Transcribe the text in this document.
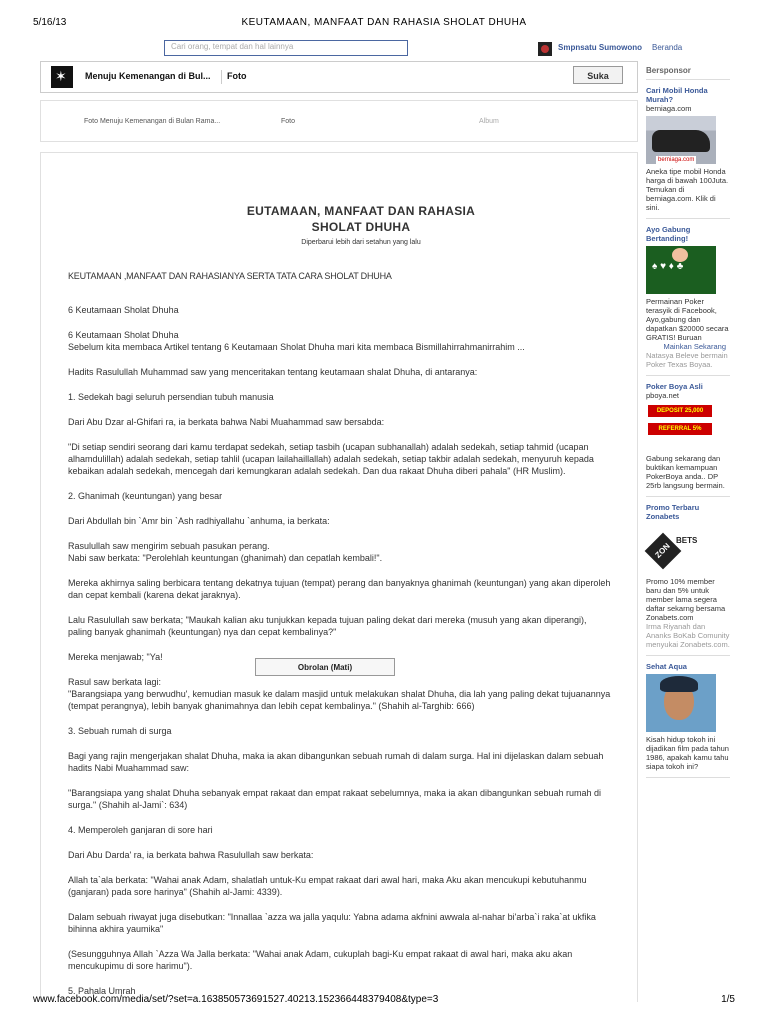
5/16/13	KEUTAMAAN, MANFAAT DAN RAHASIA SHOLAT DHUHA
Cari orang, tempat dan hal lainnya	Smpnsatu Sumowono Beranda
✶
Menuju Kemenangan di Bul... Foto	Suka
Foto Menuju Kemenangan di Bulan Rama...	Foto	Album
EUTAMAAN, MANFAAT DAN RAHASIA
SHOLAT DHUHA
Diperbarui lebih dari setahun yang lalu

KEUTAMAAN ,MANFAAT DAN RAHASIANYA SERTA TATA CARA SHOLAT DHUHA

6 Keutamaan Sholat Dhuha

6 Keutamaan Sholat Dhuha
Sebelum kita membaca Artikel tentang 6 Keutamaan Sholat Dhuha mari kita membaca Bismillahirrahmanirrahim ...

Hadits Rasulullah Muhammad saw yang menceritakan tentang keutamaan shalat Dhuha, di antaranya:

1. Sedekah bagi seluruh persendian tubuh manusia

Dari Abu Dzar al-Ghifari ra, ia berkata bahwa Nabi Muahammad saw bersabda:

"Di setiap sendiri seorang dari kamu terdapat sedekah, setiap tasbih (ucapan subhanallah) adalah sedekah, setiap tahmid (ucapan alhamdulillah) adalah sedekah, setiap tahlil (ucapan lailahaillallah) adalah sedekah, setiap takbir adalah sedekah, menyuruh kepada kebaikan adalah sedekah, mencegah dari kemungkaran adalah sedekah. Dan dua rakaat Dhuha diberi pahala" (HR Muslim).

2. Ghanimah (keuntungan) yang besar

Dari Abdullah bin `Amr bin `Ash radhiyallahu `anhuma, ia berkata:

Rasulullah saw mengirim sebuah pasukan perang.
Nabi saw berkata: "Perolehlah keuntungan (ghanimah) dan cepatlah kembali!".

Mereka akhirnya saling berbicara tentang dekatnya tujuan (tempat) perang dan banyaknya ghanimah (keuntungan) yang akan diperoleh dan cepat kembali (karena dekat jaraknya).

Lalu Rasulullah saw berkata; "Maukah kalian aku tunjukkan kepada tujuan paling dekat dari mereka (musuh yang akan diperangi), paling banyak ghanimah (keuntungan) nya dan cepat kembalinya?"

Mereka menjawab; "Ya!

Rasul saw berkata lagi:
"Barangsiapa yang berwudhu', kemudian masuk ke dalam masjid untuk melakukan shalat Dhuha, dia lah yang paling dekat tujuanannya (tempat perangnya), lebih banyak ghanimahnya dan lebih cepat kembalinya." (Shahih al-Targhib: 666)

3. Sebuah rumah di surga

Bagi yang rajin mengerjakan shalat Dhuha, maka ia akan dibangunkan sebuah rumah di dalam surga. Hal ini dijelaskan dalam sebuah hadits Nabi Muahammad saw:

"Barangsiapa yang shalat Dhuha sebanyak empat rakaat dan empat rakaat sebelumnya, maka ia akan dibangunkan sebuah rumah di surga." (Shahih al-Jami`: 634)

4. Memperoleh ganjaran di sore hari

Dari Abu Darda' ra, ia berkata bahwa Rasulullah saw berkata:

Allah ta`ala berkata: "Wahai anak Adam, shalatlah untuk-Ku empat rakaat dari awal hari, maka Aku akan mencukupi kebutuhanmu (ganjaran) pada sore harinya" (Shahih al-Jami: 4339).

Dalam sebuah riwayat juga disebutkan: "Innallaa `azza wa jalla yaqulu: Yabna adama akfnini awwala al-nahar bi'arba`i raka`at ukfika bihinna akhira yaumika"

(Sesungguhnya Allah `Azza Wa Jalla berkata: "Wahai anak Adam, cukuplah bagi-Ku empat rakaat di awal hari, maka aku akan mencukupimu di sore harimu").

5. Pahala Umrah

Obrolan (Mati)
Bersponsor
Cari Mobil Honda Murah?
berniaga.com
berniaga.com
Aneka tipe mobil Honda harga di bawah 100Juta. Temukan di berniaga.com. Klik di sini.
Ayo Gabung Bertanding!
♠ ♥ ♦ ♣
Permainan Poker terasyik di Facebook, Ayo,gabung dan dapatkan $20000 secara GRATIS! Buruan
Mainkan Sekarang
Natasya Beleve bermain Poker Texas Boyaa.
Poker Boya Asli
pboya.net
DEPOSIT 25,000 REFERRAL 5%
Gabung sekarang dan buktikan kemampuan PokerBoya anda.. DP 25rb langsung bermain.
Promo Terbaru Zonabets
ZON BETS
Promo 10% member baru dan 5% untuk member lama segera daftar sekarng bersama Zonabets.com
Irma Riyanah dan Ananks BoKab Comunity menyukai Zonabets.com.
Sehat Aqua
Kisah hidup tokoh ini dijadikan film pada tahun 1986, apakah kamu tahu siapa tokoh ini?
www.facebook.com/media/set/?set=a.163850573691527.40213.152366448379408&type=3	1/5
